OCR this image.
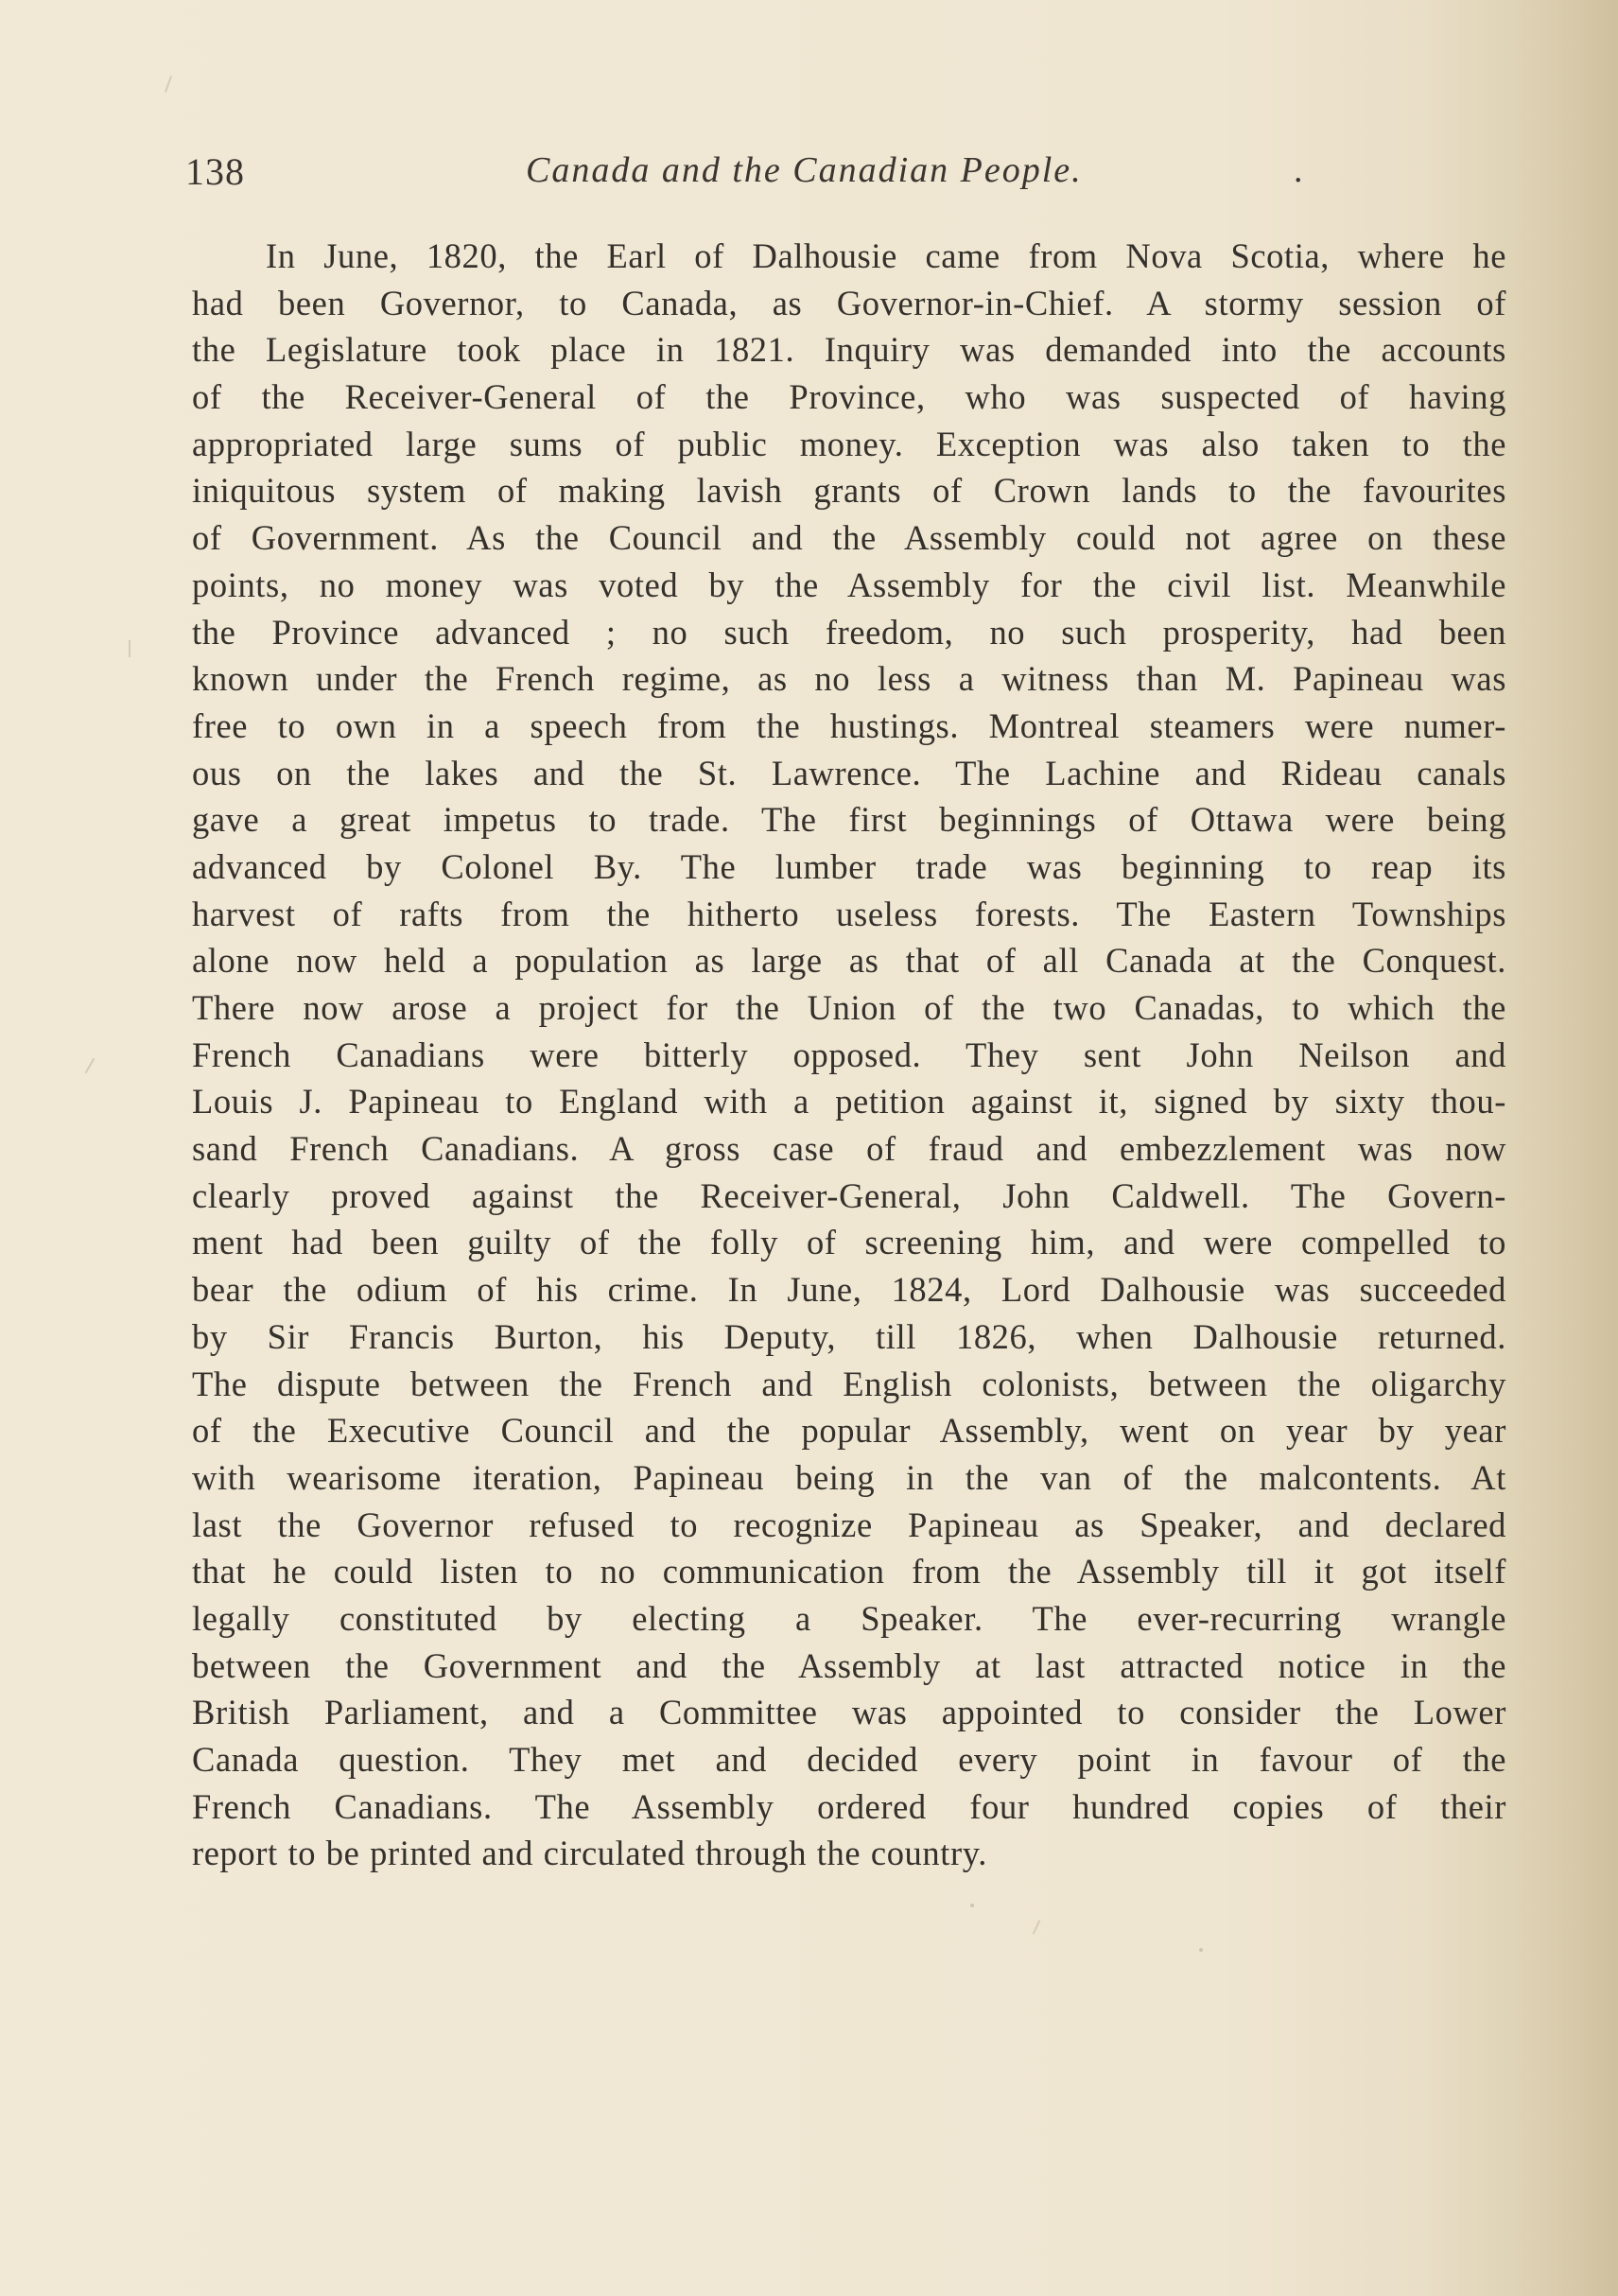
138	Canada and the Canadian People.	.
In June, 1820, the Earl of Dalhousie came from Nova Scotia, where he
had been Governor, to Canada, as Governor-in-Chief. A stormy session of
the Legislature took place in 1821. Inquiry was demanded into the accounts
of the Receiver-General of the Province, who was suspected of having
appropriated large sums of public money. Exception was also taken to the
iniquitous system of making lavish grants of Crown lands to the favourites
of Government. As the Council and the Assembly could not agree on these
points, no money was voted by the Assembly for the civil list. Meanwhile
the Province advanced ; no such freedom, no such prosperity, had been
known under the French regime, as no less a witness than M. Papineau was
free to own in a speech from the hustings. Montreal steamers were numer-
ous on the lakes and the St. Lawrence. The Lachine and Rideau canals
gave a great impetus to trade. The first beginnings of Ottawa were being
advanced by Colonel By. The lumber trade was beginning to reap its
harvest of rafts from the hitherto useless forests. The Eastern Townships
alone now held a population as large as that of all Canada at the Conquest.
There now arose a project for the Union of the two Canadas, to which the
French Canadians were bitterly opposed. They sent John Neilson and
Louis J. Papineau to England with a petition against it, signed by sixty thou-
sand French Canadians. A gross case of fraud and embezzlement was now
clearly proved against the Receiver-General, John Caldwell. The Govern-
ment had been guilty of the folly of screening him, and were compelled to
bear the odium of his crime. In June, 1824, Lord Dalhousie was succeeded
by Sir Francis Burton, his Deputy, till 1826, when Dalhousie returned.
The dispute between the French and English colonists, between the oligarchy
of the Executive Council and the popular Assembly, went on year by year
with wearisome iteration, Papineau being in the van of the malcontents. At
last the Governor refused to recognize Papineau as Speaker, and declared
that he could listen to no communication from the Assembly till it got itself
legally constituted by electing a Speaker. The ever-recurring wrangle
between the Government and the Assembly at last attracted notice in the
British Parliament, and a Committee was appointed to consider the Lower
Canada question. They met and decided every point in favour of the
French Canadians. The Assembly ordered four hundred copies of their
report to be printed and circulated through the country.
